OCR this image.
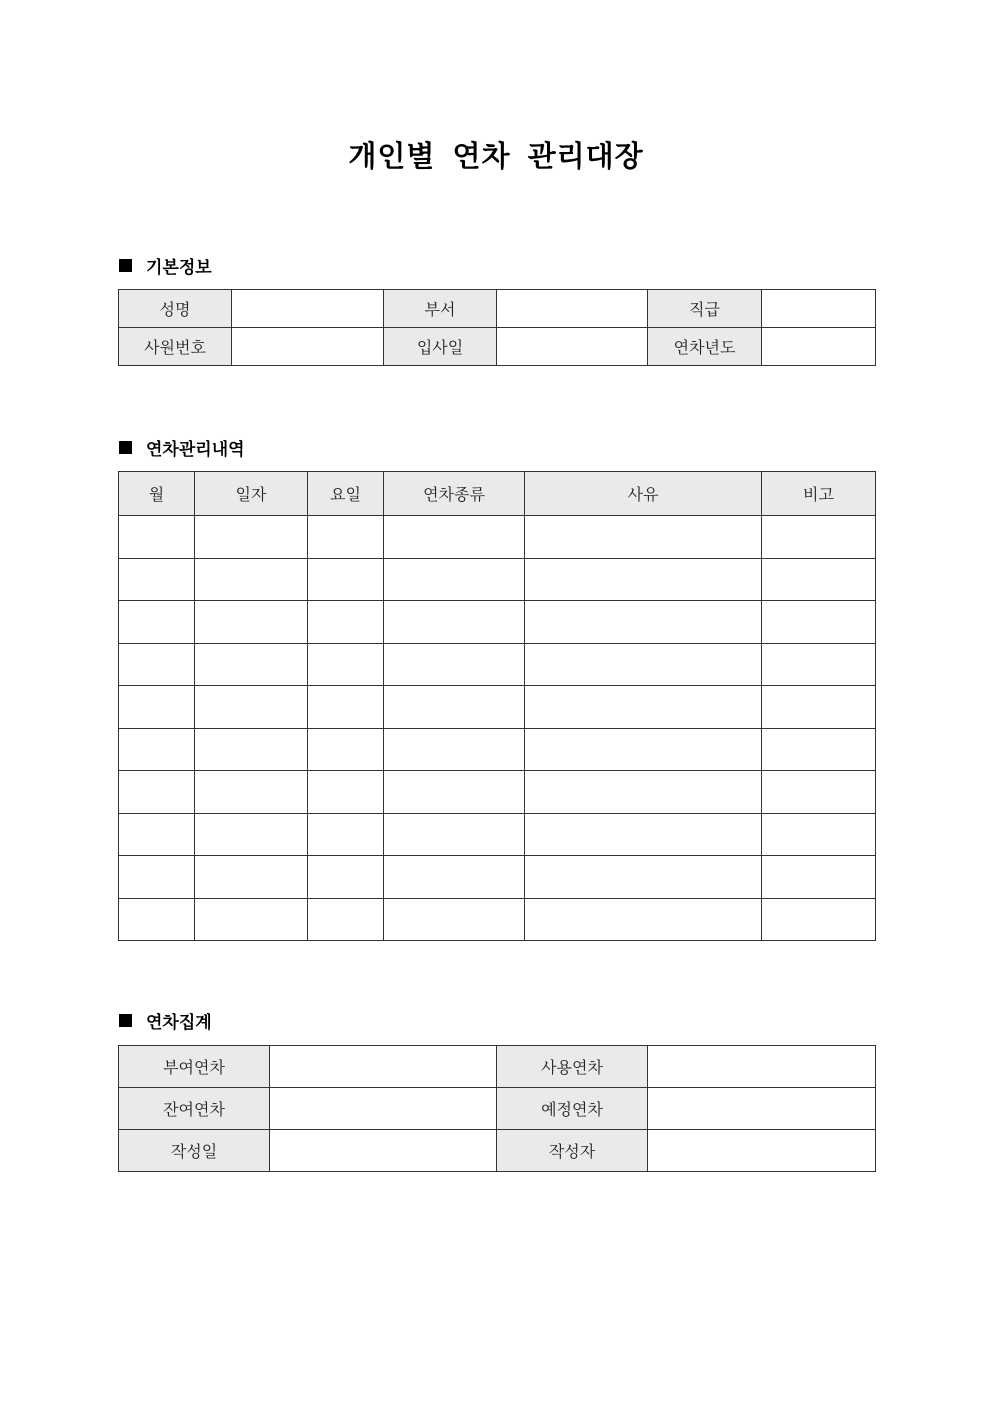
개인별 연차 관리대장
기본정보
성명		부서		직급	
사원번호		입사일		연차년도	
연차관리내역
월	일자	요일	연차종류	사유	비고

연차집계
부여연차		사용연차	
잔여연차		예정연차	
작성일		작성자	
